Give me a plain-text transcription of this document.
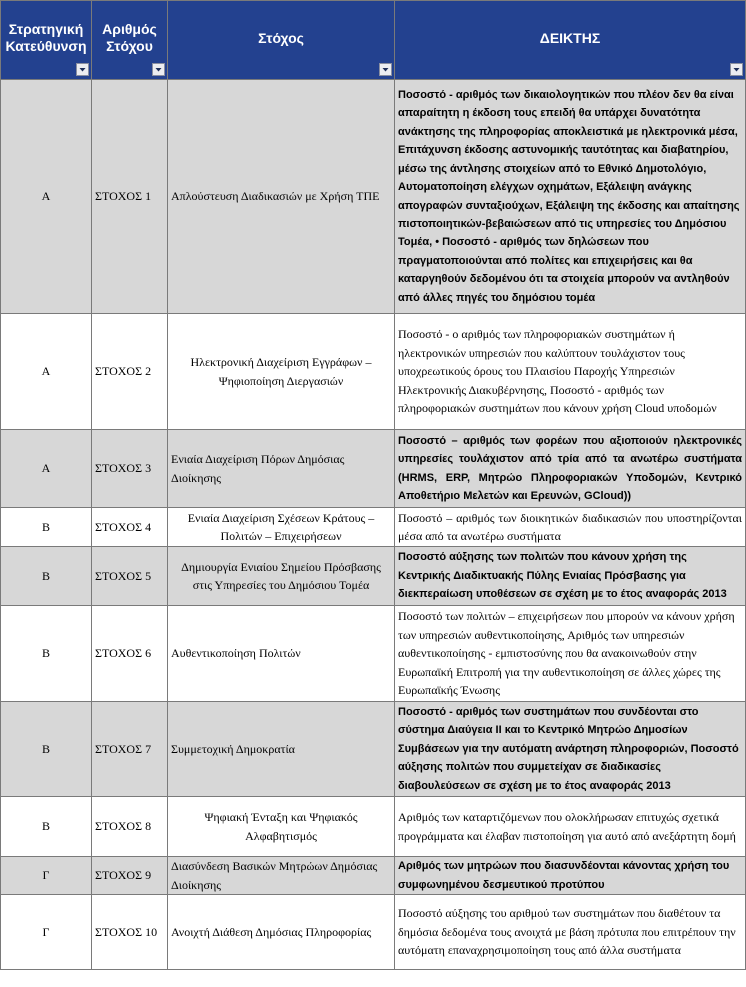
Στρατηγική Κατεύθυνση	Αριθμός Στόχου	Στόχος	ΔΕΙΚΤΗΣ

Α	ΣΤΟΧΟΣ 1	Απλούστευση Διαδικασιών με Χρήση ΤΠΕ	Ποσοστό - αριθμός των δικαιολογητικών που πλέον δεν θα είναι απαραίτητη η έκδοση τους επειδή θα υπάρχει δυνατότητα ανάκτησης της πληροφορίας αποκλειστικά με ηλεκτρονικά μέσα, Επιτάχυνση έκδοσης αστυνομικής ταυτότητας και διαβατηρίου, μέσω της άντλησης στοιχείων από το Εθνικό Δημοτολόγιο, Αυτοματοποίηση ελέγχων οχημάτων, Εξάλειψη ανάγκης απογραφών συνταξιούχων, Εξάλειψη της έκδοσης και απαίτησης πιστοποιητικών-βεβαιώσεων από τις υπηρεσίες του Δημόσιου Τομέα, • Ποσοστό - αριθμός των δηλώσεων που πραγματοποιούνται από πολίτες και επιχειρήσεις και θα καταργηθούν δεδομένου ότι τα στοιχεία μπορούν να αντληθούν από άλλες πηγές του δημόσιου τομέα
Α	ΣΤΟΧΟΣ 2	Ηλεκτρονική Διαχείριση Εγγράφων – Ψηφιοποίηση Διεργασιών	Ποσοστό - ο αριθμός των πληροφοριακών συστημάτων ή ηλεκτρονικών υπηρεσιών που καλύπτουν τουλάχιστον τους υποχρεωτικούς όρους του Πλαισίου Παροχής Υπηρεσιών Ηλεκτρονικής Διακυβέρνησης, Ποσοστό - αριθμός των πληροφοριακών συστημάτων που κάνουν χρήση Cloud υποδομών
Α	ΣΤΟΧΟΣ 3	Ενιαία Διαχείριση Πόρων Δημόσιας Διοίκησης	Ποσοστό – αριθμός των φορέων που αξιοποιούν ηλεκτρονικές υπηρεσίες τουλάχιστον από τρία από τα ανωτέρω συστήματα (HRMS, ERP, Μητρώο Πληροφοριακών Υποδομών, Κεντρικό Αποθετήριο Μελετών και Ερευνών, GCloud))
Β	ΣΤΟΧΟΣ 4	Ενιαία Διαχείριση Σχέσεων Κράτους – Πολιτών – Επιχειρήσεων	Ποσοστό – αριθμός των διοικητικών διαδικασιών που υποστηρίζονται μέσα από τα ανωτέρω συστήματα
Β	ΣΤΟΧΟΣ 5	Δημιουργία Ενιαίου Σημείου Πρόσβασης στις Υπηρεσίες του Δημόσιου Τομέα	Ποσοστό αύξησης των πολιτών που κάνουν χρήση της Κεντρικής Διαδικτυακής Πύλης Ενιαίας Πρόσβασης για διεκπεραίωση υποθέσεων σε σχέση με το έτος αναφοράς 2013
Β	ΣΤΟΧΟΣ 6	Αυθεντικοποίηση Πολιτών	Ποσοστό των πολιτών – επιχειρήσεων που μπορούν να κάνουν χρήση των υπηρεσιών αυθεντικοποίησης, Αριθμός των υπηρεσιών αυθεντικοποίησης - εμπιστοσύνης που θα ανακοινωθούν στην Ευρωπαϊκή Επιτροπή για την αυθεντικοποίηση σε άλλες χώρες της Ευρωπαϊκής Ένωσης
Β	ΣΤΟΧΟΣ 7	Συμμετοχική Δημοκρατία	Ποσοστό - αριθμός των συστημάτων που συνδέονται στο σύστημα Διαύγεια ΙΙ και το Κεντρικό Μητρώο Δημοσίων Συμβάσεων για την αυτόματη ανάρτηση πληροφοριών, Ποσοστό αύξησης πολιτών που συμμετείχαν σε διαδικασίες διαβουλεύσεων σε σχέση με το έτος αναφοράς 2013
Β	ΣΤΟΧΟΣ 8	Ψηφιακή Ένταξη και Ψηφιακός Αλφαβητισμός	Αριθμός των καταρτιζόμενων που ολοκλήρωσαν επιτυχώς σχετικά προγράμματα και έλαβαν πιστοποίηση για αυτό από ανεξάρτητη δομή
Γ	ΣΤΟΧΟΣ 9	Διασύνδεση Βασικών Μητρώων Δημόσιας Διοίκησης	Αριθμός των μητρώων που διασυνδέονται κάνοντας χρήση του συμφωνημένου δεσμευτικού προτύπου
Γ	ΣΤΟΧΟΣ 10	Ανοιχτή Διάθεση Δημόσιας Πληροφορίας	Ποσοστό αύξησης του αριθμού των συστημάτων που διαθέτουν τα δημόσια δεδομένα τους ανοιχτά με βάση πρότυπα που επιτρέπουν την αυτόματη επαναχρησιμοποίηση τους από άλλα συστήματα
